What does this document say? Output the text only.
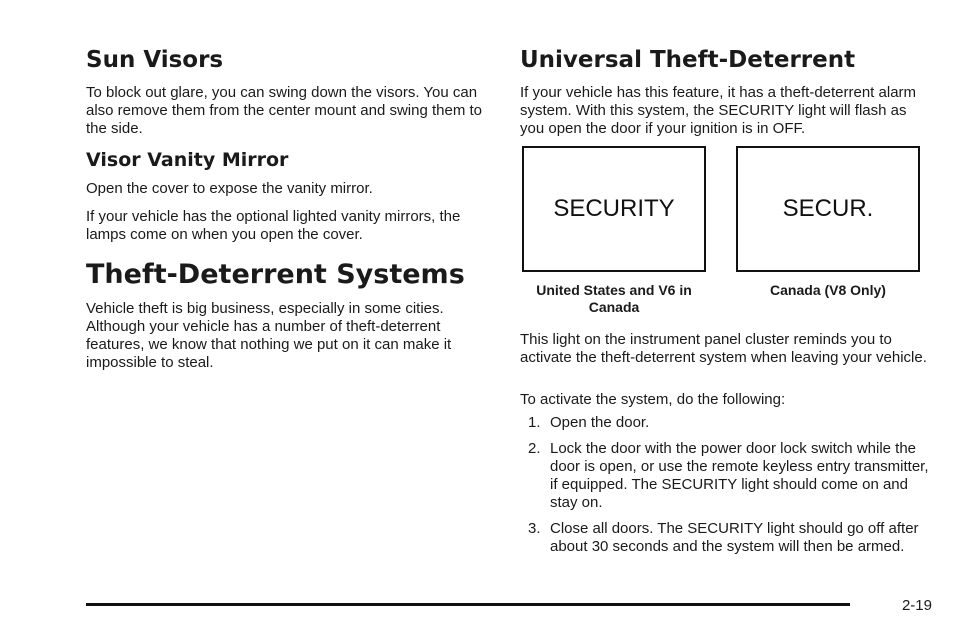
Sun Visors

To block out glare, you can swing down the visors. You can also remove them from the center mount and swing them to the side.

Visor Vanity Mirror

Open the cover to expose the vanity mirror.

If your vehicle has the optional lighted vanity mirrors, the lamps come on when you open the cover.

Theft-Deterrent Systems

Vehicle theft is big business, especially in some cities. Although your vehicle has a number of theft-deterrent features, we know that nothing we put on it can make it impossible to steal.

Universal Theft-Deterrent

If your vehicle has this feature, it has a theft-deterrent alarm system. With this system, the SECURITY light will flash as you open the door if your ignition is in OFF.

SECURITY	SECUR.
United States and V6 in Canada
Canada (V8 Only)

This light on the instrument panel cluster reminds you to activate the theft-deterrent system when leaving your vehicle.

To activate the system, do the following:

1. Open the door.
2. Lock the door with the power door lock switch while the door is open, or use the remote keyless entry transmitter, if equipped. The SECURITY light should come on and stay on.
3. Close all doors. The SECURITY light should go off after about 30 seconds and the system will then be armed.
2-19
